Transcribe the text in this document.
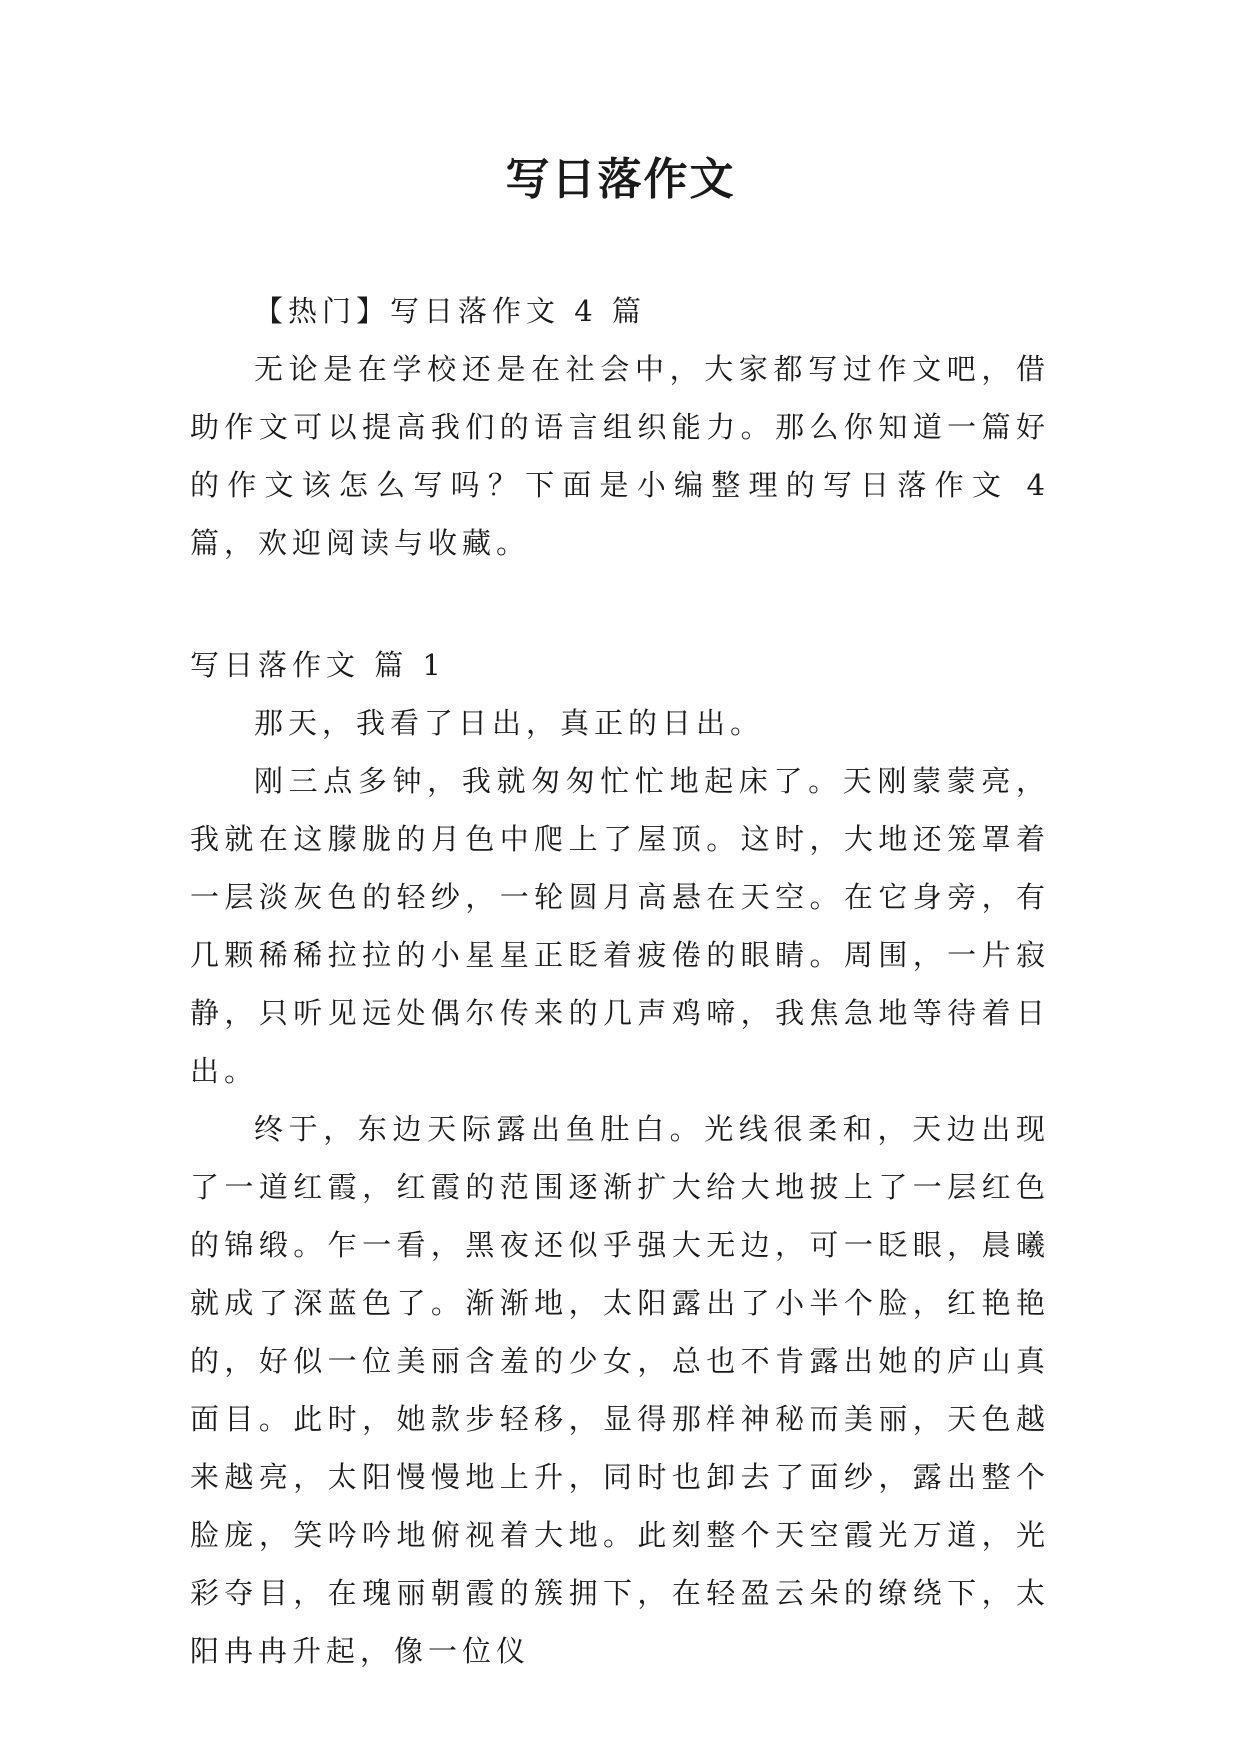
写日落作文

【热门】写日落作文 4 篇

无论是在学校还是在社会中，大家都写过作文吧，借助作文可以提高我们的语言组织能力。那么你知道一篇好的作文该怎么写吗？下面是小编整理的写日落作文 4 篇，欢迎阅读与收藏。

写日落作文 篇 1

那天，我看了日出，真正的日出。

刚三点多钟，我就匆匆忙忙地起床了。天刚蒙蒙亮，我就在这朦胧的月色中爬上了屋顶。这时，大地还笼罩着一层淡灰色的轻纱，一轮圆月高悬在天空。在它身旁，有几颗稀稀拉拉的小星星正眨着疲倦的眼睛。周围，一片寂静，只听见远处偶尔传来的几声鸡啼，我焦急地等待着日出。

终于，东边天际露出鱼肚白。光线很柔和，天边出现了一道红霞，红霞的范围逐渐扩大给大地披上了一层红色的锦缎。乍一看，黑夜还似乎强大无边，可一眨眼，晨曦就成了深蓝色了。渐渐地，太阳露出了小半个脸，红艳艳的，好似一位美丽含羞的少女，总也不肯露出她的庐山真面目。此时，她款步轻移，显得那样神秘而美丽，天色越来越亮，太阳慢慢地上升，同时也卸去了面纱，露出整个脸庞，笑吟吟地俯视着大地。此刻整个天空霞光万道，光彩夺目，在瑰丽朝霞的簇拥下，在轻盈云朵的缭绕下，太阳冉冉升起，像一位仪
